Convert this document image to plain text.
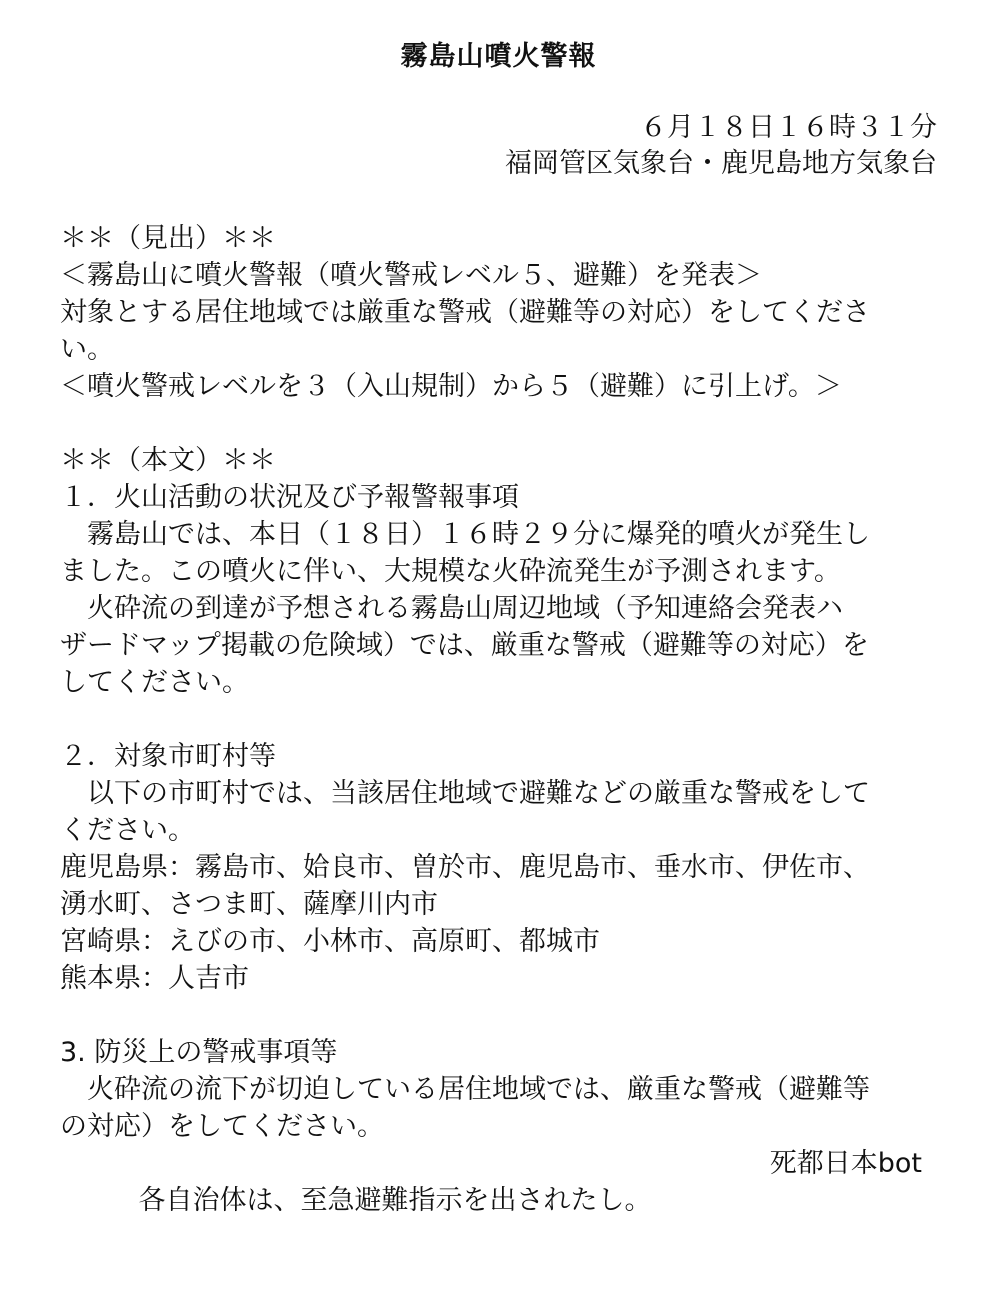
霧島山噴火警報
６月１８日１６時３１分
福岡管区気象台・鹿児島地方気象台
＊＊（見出）＊＊
＜霧島山に噴火警報（噴火警戒レベル５、避難）を発表＞
対象とする居住地域では厳重な警戒（避難等の対応）をしてくださ
い。
＜噴火警戒レベルを３（入山規制）から５（避難）に引上げ。＞
＊＊（本文）＊＊
１．火山活動の状況及び予報警報事項
　霧島山では、本日（１８日）１６時２９分に爆発的噴火が発生し
ました。この噴火に伴い、大規模な火砕流発生が予測されます。
　火砕流の到達が予想される霧島山周辺地域（予知連絡会発表ハ
ザードマップ掲載の危険域）では、厳重な警戒（避難等の対応）を
してください。
２．対象市町村等
　以下の市町村では、当該居住地域で避難などの厳重な警戒をして
ください。
鹿児島県：霧島市、姶良市、曽於市、鹿児島市、垂水市、伊佐市、
湧水町、さつま町、薩摩川内市
宮崎県：えびの市、小林市、高原町、都城市
熊本県：人吉市
3. 防災上の警戒事項等
　火砕流の流下が切迫している居住地域では、厳重な警戒（避難等
の対応）をしてください。

　各自治体は、至急避難指示を出されたし。

死都日本bot
